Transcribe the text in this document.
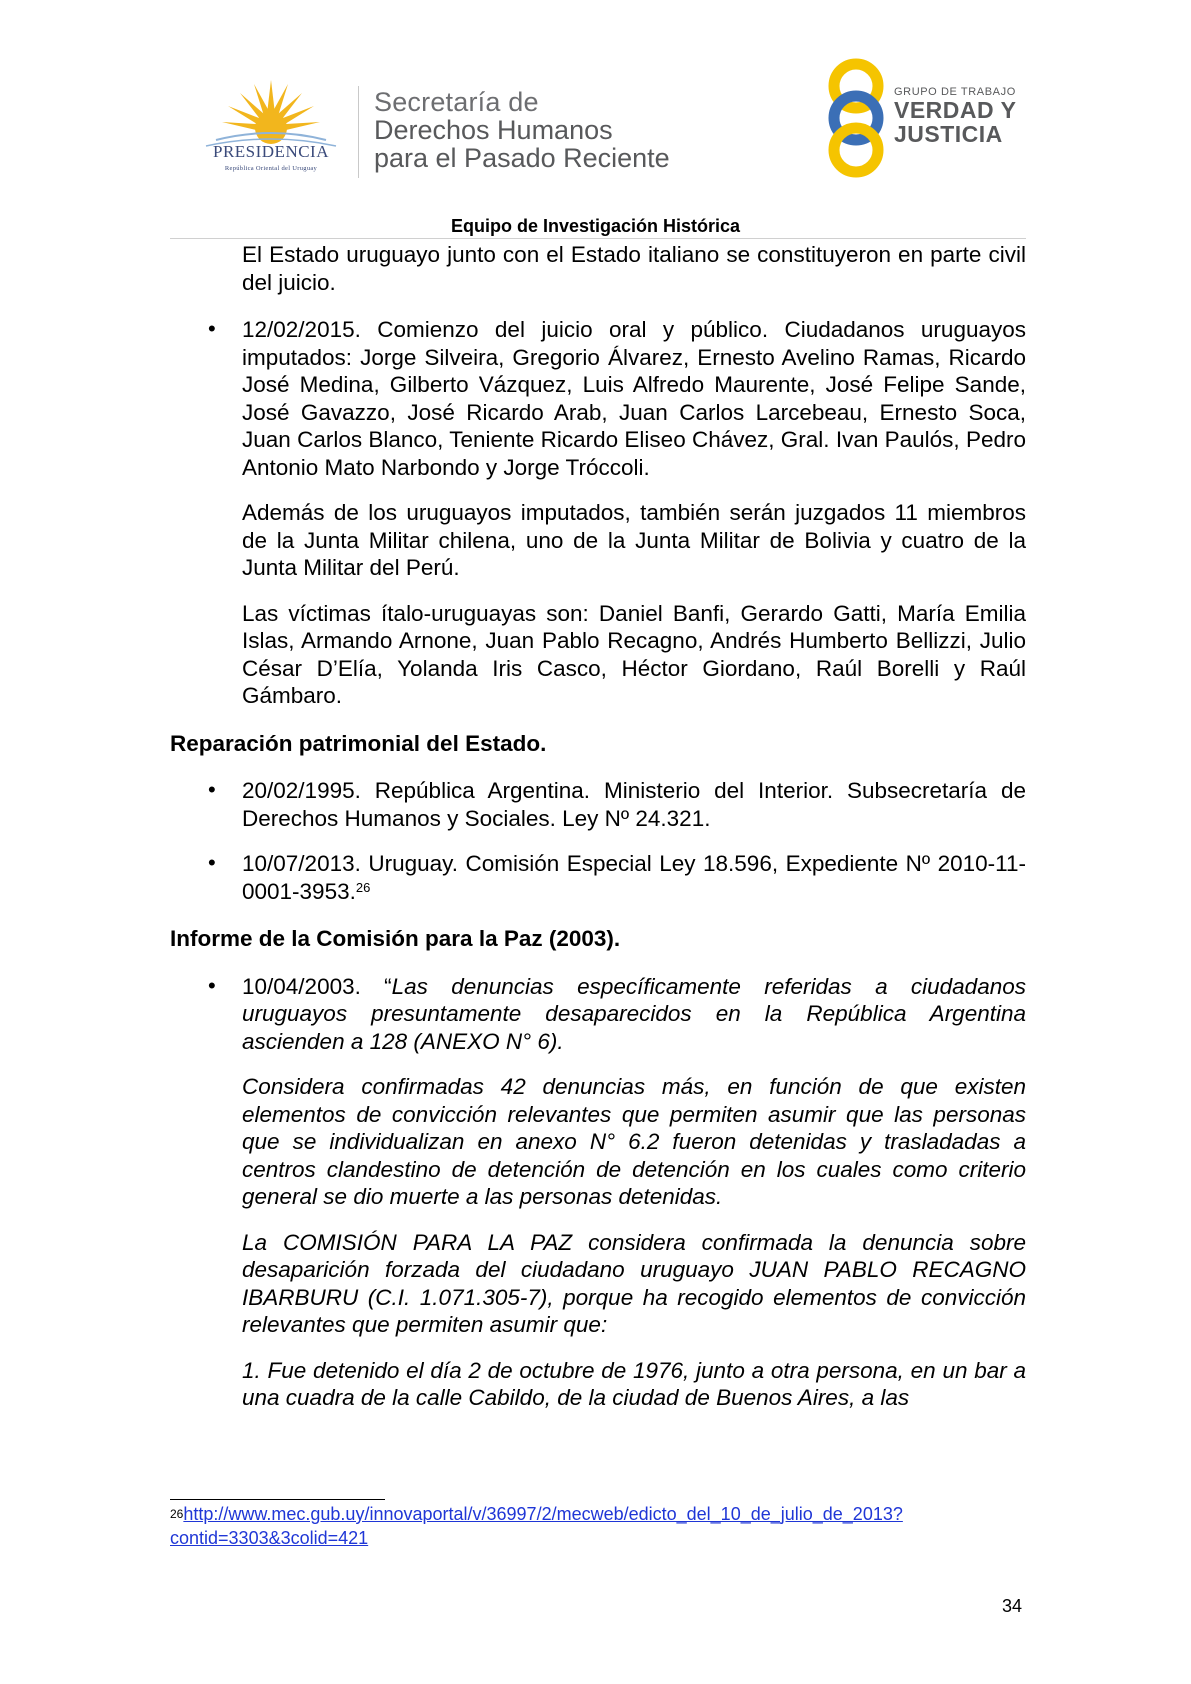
PRESIDENCIA
República Oriental del Uruguay
Secretaría de
Derechos Humanos
para el Pasado Reciente
GRUPO DE TRABAJO
VERDAD Y
JUSTICIA
Equipo de Investigación Histórica

El Estado uruguayo junto con el Estado italiano se constituyeron en parte civil del juicio.

• 12/02/2015. Comienzo del juicio oral y público. Ciudadanos uruguayos imputados: Jorge Silveira, Gregorio Álvarez, Ernesto Avelino Ramas, Ricardo José Medina, Gilberto Vázquez, Luis Alfredo Maurente, José Felipe Sande, José Gavazzo, José Ricardo Arab, Juan Carlos Larcebeau, Ernesto Soca, Juan Carlos Blanco, Teniente Ricardo Eliseo Chávez, Gral. Ivan Paulós, Pedro Antonio Mato Narbondo y Jorge Tróccoli.

Además de los uruguayos imputados, también serán juzgados 11 miembros de la Junta Militar chilena, uno de la Junta Militar de Bolivia y cuatro de la Junta Militar del Perú.

Las víctimas ítalo-uruguayas son: Daniel Banfi, Gerardo Gatti, María Emilia Islas, Armando Arnone, Juan Pablo Recagno, Andrés Humberto Bellizzi, Julio César D’Elía, Yolanda Iris Casco, Héctor Giordano, Raúl Borelli y Raúl Gámbaro.

Reparación patrimonial del Estado.

• 20/02/1995. República Argentina. Ministerio del Interior. Subsecretaría de Derechos Humanos y Sociales. Ley Nº 24.321.

• 10/07/2013. Uruguay. Comisión Especial Ley 18.596, Expediente Nº 2010-11-0001-3953.26

Informe de la Comisión para la Paz (2003).

• 10/04/2003. “Las denuncias específicamente referidas a ciudadanos uruguayos presuntamente desaparecidos en la República Argentina ascienden a 128 (ANEXO N° 6).

Considera confirmadas 42 denuncias más, en función de que existen elementos de convicción relevantes que permiten asumir que las personas que se individualizan en anexo N° 6.2 fueron detenidas y trasladadas a centros clandestino de detención de detención en los cuales como criterio general se dio muerte a las personas detenidas.

La COMISIÓN PARA LA PAZ considera confirmada la denuncia sobre desaparición forzada del ciudadano uruguayo JUAN PABLO RECAGNO IBARBURU (C.I. 1.071.305-7), porque ha recogido elementos de convicción relevantes que permiten asumir que:

1. Fue detenido el día 2 de octubre de 1976, junto a otra persona, en un bar a una cuadra de la calle Cabildo, de la ciudad de Buenos Aires, a las

$^{26}$http://www.mec.gub.uy/innovaportal/v/36997/2/mecweb/edicto_del_10_de_julio_de_2013?
contid=3303&3colid=421
34
